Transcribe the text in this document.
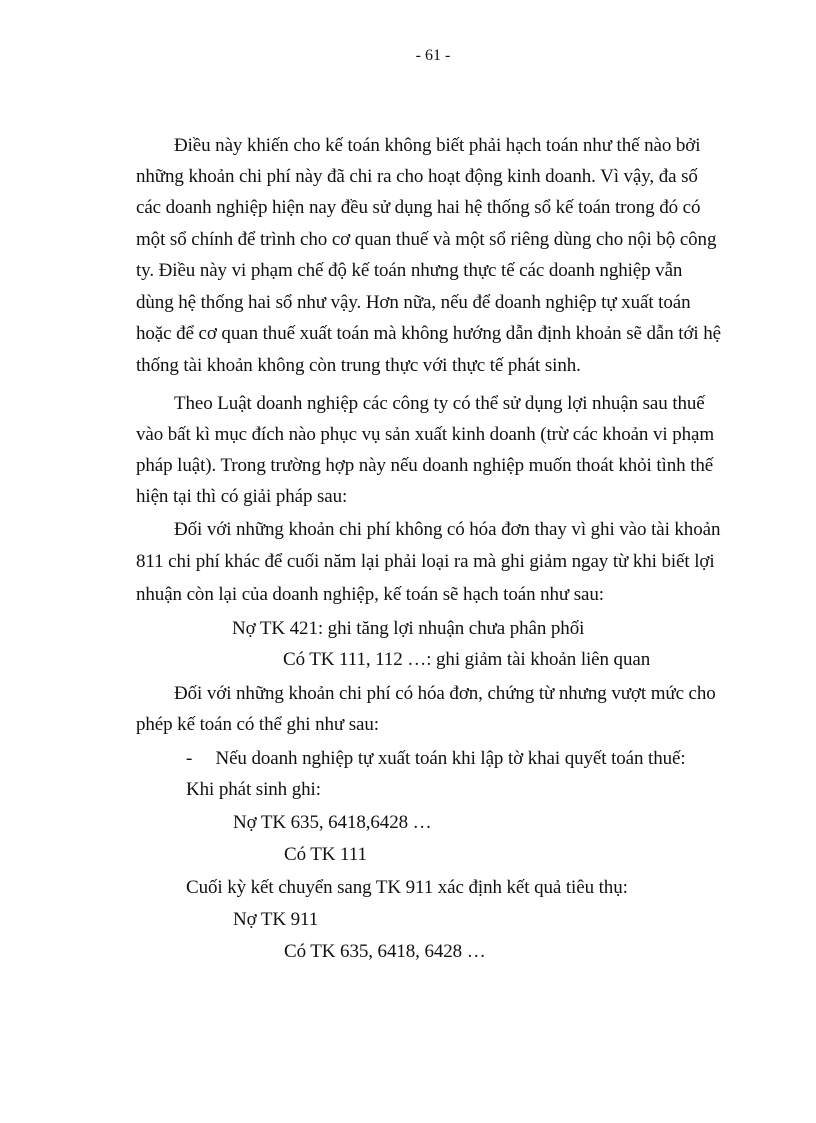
- 61 -
Điều này khiến cho kế toán không biết phải hạch toán như thế nào bởi
những khoản chi phí này đã chi ra cho hoạt động kinh doanh. Vì vậy, đa số
các doanh nghiệp hiện nay đều sử dụng hai hệ thống sổ kế toán trong đó có
một sổ chính để trình cho cơ quan thuế và một sổ riêng dùng cho nội bộ công
ty. Điều này vi phạm chế độ kế toán nhưng thực tế các doanh nghiệp vẫn
dùng hệ thống hai sổ như vậy. Hơn nữa, nếu để doanh nghiệp tự xuất toán
hoặc để cơ quan thuế xuất toán mà không hướng dẫn định khoản sẽ dẫn tới hệ
thống tài khoản không còn trung thực với thực tế phát sinh.
Theo Luật doanh nghiệp các công ty có thể sử dụng lợi nhuận sau thuế
vào bất kì mục đích nào phục vụ sản xuất kinh doanh (trừ các khoản vi phạm
pháp luật). Trong trường hợp này nếu doanh nghiệp muốn thoát khỏi tình thế
hiện tại thì có giải pháp sau:
Đối với những khoản chi phí không có hóa đơn thay vì ghi vào tài khoản
811 chi phí khác để cuối năm lại phải loại ra mà ghi giảm ngay từ khi biết lợi
nhuận còn lại của doanh nghiệp, kế toán sẽ hạch toán như sau:
Nợ TK 421: ghi tăng lợi nhuận chưa phân phối
Có TK 111, 112 …: ghi giảm tài khoản liên quan
Đối với những khoản chi phí có hóa đơn, chứng từ nhưng vượt mức cho
phép kế toán có thể ghi như sau:
-     Nếu doanh nghiệp tự xuất toán khi lập tờ khai quyết toán thuế:
Khi phát sinh ghi:
Nợ TK 635, 6418,6428 …
Có TK 111
Cuối kỳ kết chuyển sang TK 911 xác định kết quả tiêu thụ:
Nợ TK 911
Có TK 635, 6418, 6428 …
